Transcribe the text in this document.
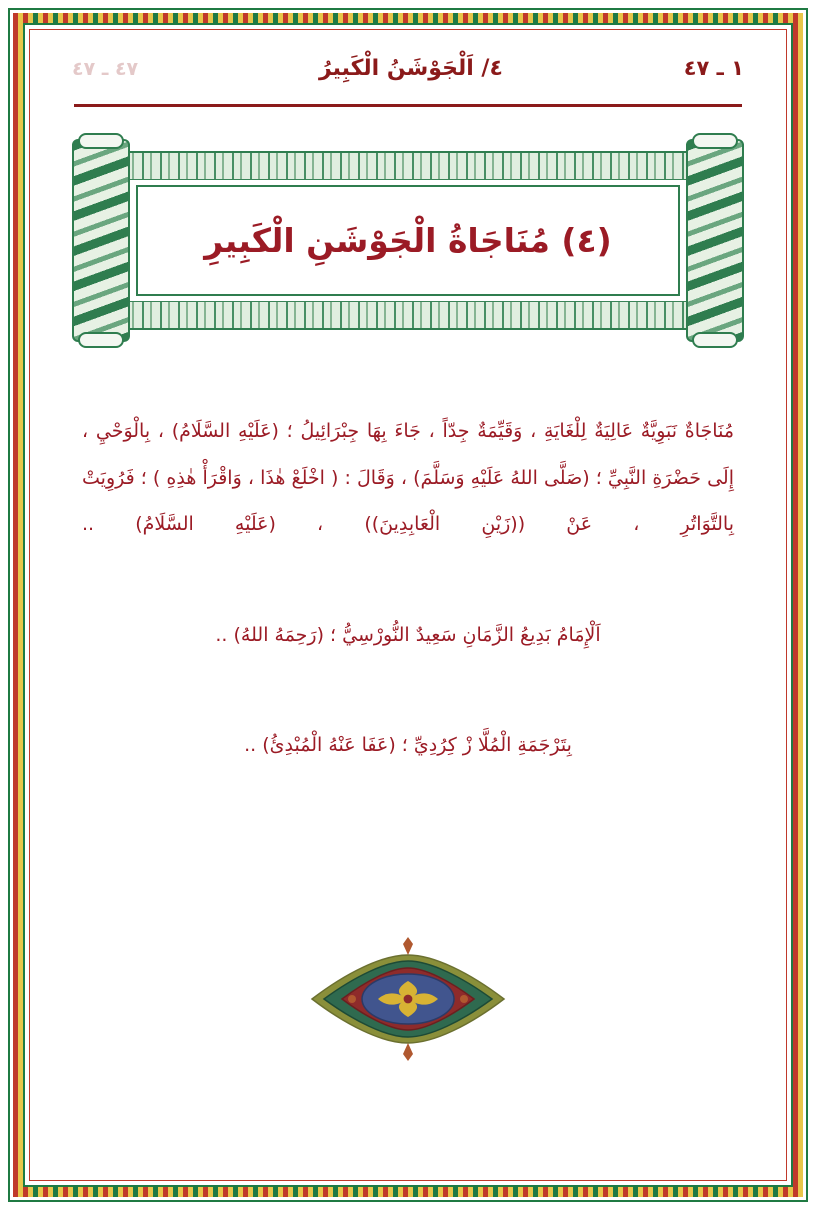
١ ـ ٤٧
٤/ اَلْجَوْشَنُ الْكَبِيرُ
٤٧ ـ ٤٧
(٤) مُنَاجَاةُ الْجَوْشَنِ الْكَبِيرِ

مُنَاجَاةٌ نَبَوِيَّةٌ عَالِيَةٌ لِلْغَايَةِ ، وَقَيِّمَةٌ جِدّاً ، جَاءَ بِهَا جِبْرَائِيلُ ؛ (عَلَيْهِ السَّلَامُ) ، بِالْوَحْيِ ، إِلَى حَضْرَةِ النَّبِيِّ ؛ (صَلَّى اللهُ عَلَيْهِ وَسَلَّمَ) ، وَقَالَ : ( اخْلَعْ هٰذَا ، وَاقْرَأْ هٰذِهِ ) ؛ فَرُوِيَتْ بِالتَّوَاتُرِ ، عَنْ ((زَيْنِ الْعَابِدِينَ)) ، (عَلَيْهِ السَّلَامُ) ..

اَلْإِمَامُ بَدِيعُ الزَّمَانِ سَعِيدٌ النُّورْسِيُّ ؛ (رَحِمَهُ اللهُ) ..

بِتَرْجَمَةِ الْمُلَّا زْ كِرُدِيِّ ؛ (عَفَا عَنْهُ الْمُبْدِئُ) ..
